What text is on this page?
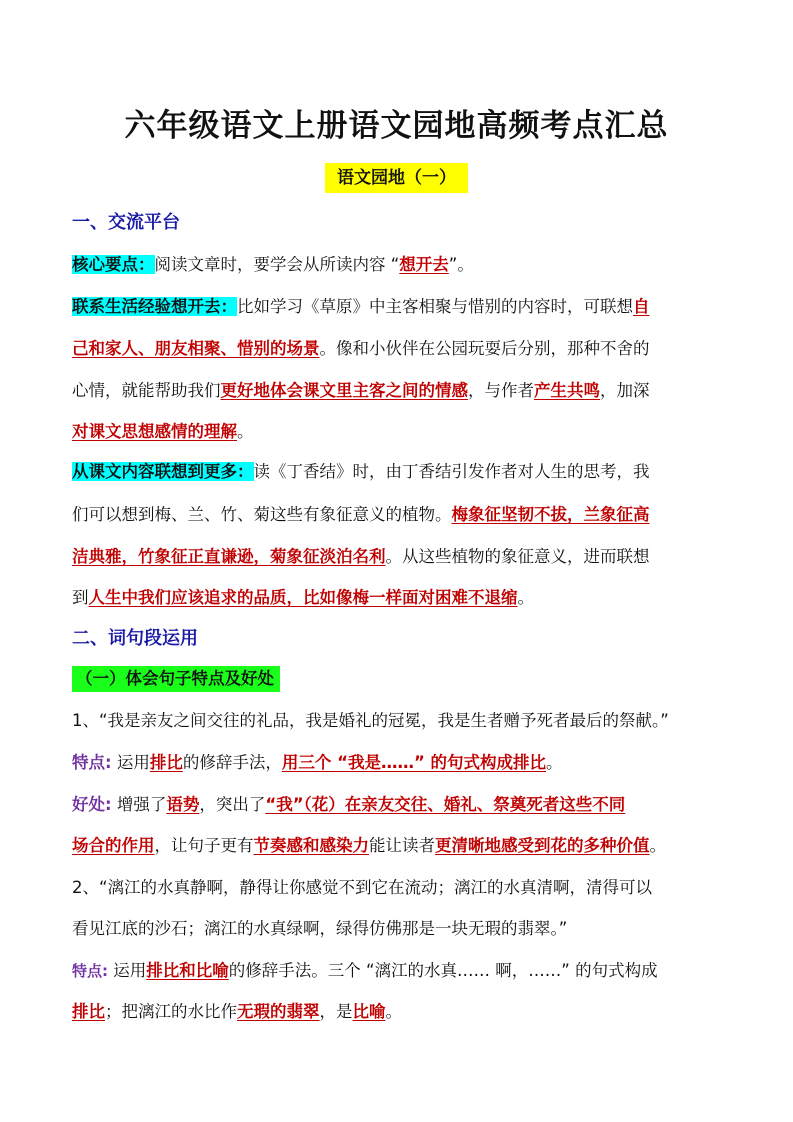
六年级语文上册语文园地高频考点汇总
语文园地（一）
一、交流平台
核心要点：阅读文章时，要学会从所读内容 “想开去”。
联系生活经验想开去：比如学习《草原》中主客相聚与惜别的内容时，可联想自
己和家人、朋友相聚、惜别的场景。像和小伙伴在公园玩耍后分别，那种不舍的
心情，就能帮助我们更好地体会课文里主客之间的情感，与作者产生共鸣，加深
对课文思想感情的理解。
从课文内容联想到更多：读《丁香结》时，由丁香结引发作者对人生的思考，我
们可以想到梅、兰、竹、菊这些有象征意义的植物。梅象征坚韧不拔，兰象征高
洁典雅，竹象征正直谦逊，菊象征淡泊名利。从这些植物的象征意义，进而联想
到人生中我们应该追求的品质，比如像梅一样面对困难不退缩。
二、词句段运用
（一）体会句子特点及好处
1、“我是亲友之间交往的礼品，我是婚礼的冠冕，我是生者赠予死者最后的祭献。”
特点: 运用排比的修辞手法，用三个 “我是……” 的句式构成排比。
好处: 增强了语势，突出了“我”（花）在亲友交往、婚礼、祭奠死者这些不同
场合的作用，让句子更有节奏感和感染力能让读者更清晰地感受到花的多种价值。
2、“漓江的水真静啊，静得让你感觉不到它在流动；漓江的水真清啊，清得可以
看见江底的沙石；漓江的水真绿啊，绿得仿佛那是一块无瑕的翡翠。”
特点: 运用排比和比喻的修辞手法。三个 “漓江的水真…… 啊，……” 的句式构成
排比；把漓江的水比作无瑕的翡翠，是比喻。
